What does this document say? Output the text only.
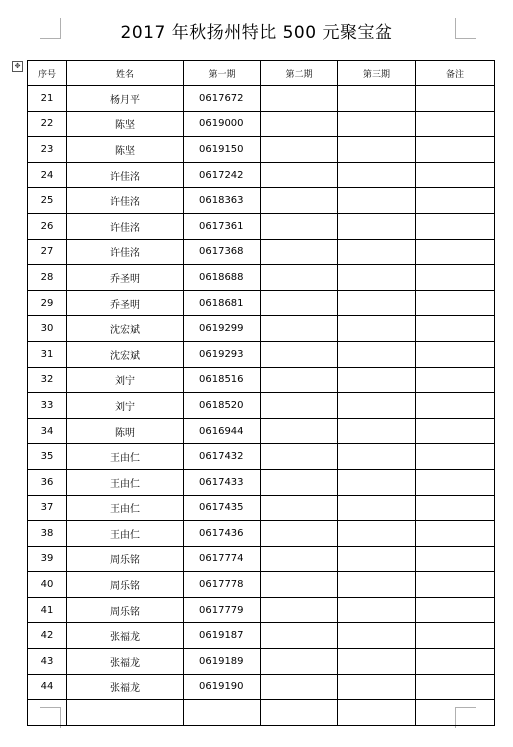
2017 年秋扬州特比 500 元聚宝盆
✥
序号	姓名	第一期	第二期	第三期	备注
21	杨月平	0617672			
22	陈坚	0619000			
23	陈坚	0619150			
24	许佳洺	0617242			
25	许佳洺	0618363			
26	许佳洺	0617361			
27	许佳洺	0617368			
28	乔圣明	0618688			
29	乔圣明	0618681			
30	沈宏斌	0619299			
31	沈宏斌	0619293			
32	刘宁	0618516			
33	刘宁	0618520			
34	陈明	0616944			
35	王由仁	0617432			
36	王由仁	0617433			
37	王由仁	0617435			
38	王由仁	0617436			
39	周乐铭	0617774			
40	周乐铭	0617778			
41	周乐铭	0617779			
42	张福龙	0619187			
43	张福龙	0619189			
44	张福龙	0619190			
